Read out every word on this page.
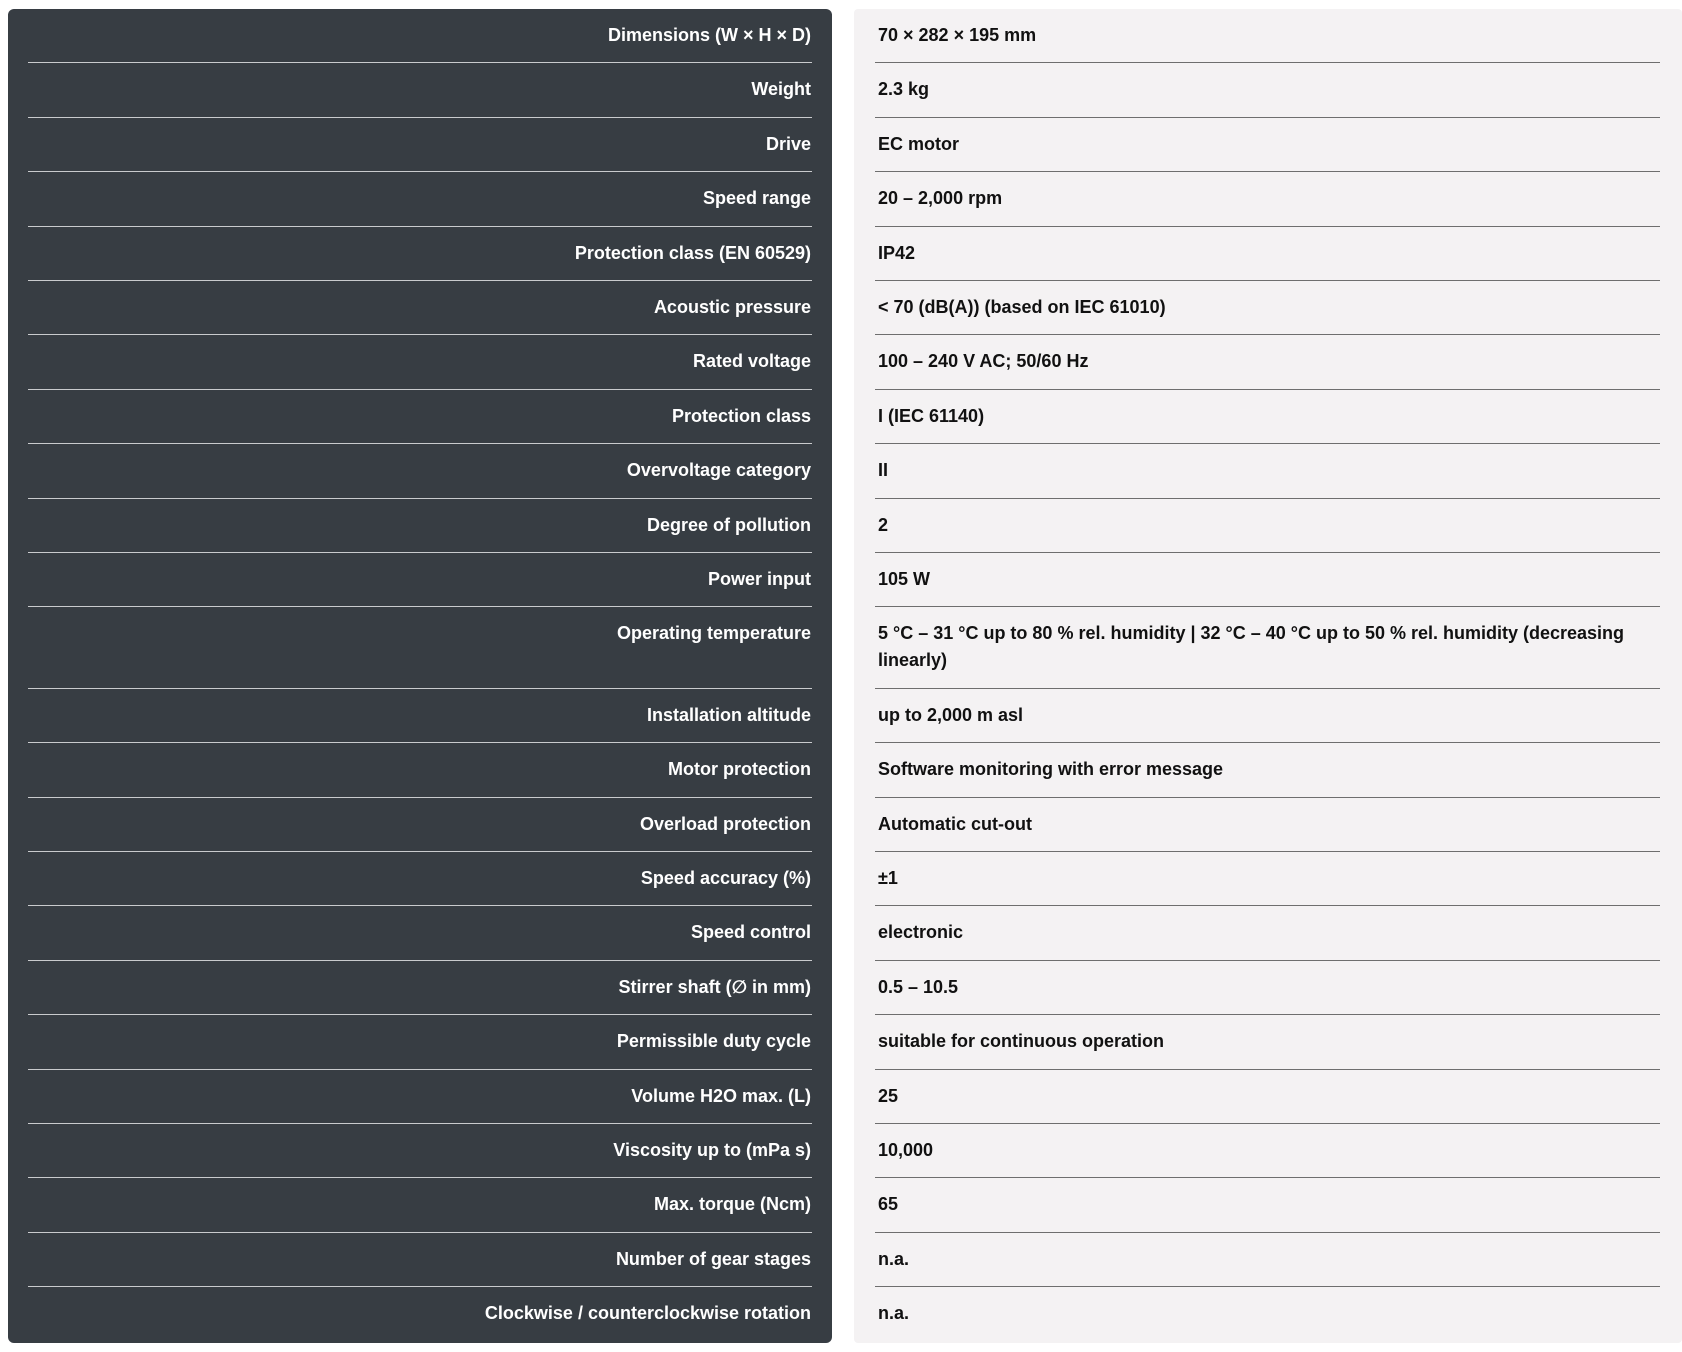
Dimensions (W × H × D)
Weight
Drive
Speed range
Protection class (EN 60529)
Acoustic pressure
Rated voltage
Protection class
Overvoltage category
Degree of pollution
Power input
Operating temperature
Installation altitude
Motor protection
Overload protection
Speed accuracy (%)
Speed control
Stirrer shaft (∅ in mm)
Permissible duty cycle
Volume H2O max. (L)
Viscosity up to (mPa s)
Max. torque (Ncm)
Number of gear stages
Clockwise / counterclockwise rotation
70 × 282 × 195 mm
2.3 kg
EC motor
20 – 2,000 rpm
IP42
< 70 (dB(A)) (based on IEC 61010)
100 – 240 V AC; 50/60 Hz
I (IEC 61140)
II
2
105 W
5 °C – 31 °C up to 80 % rel. humidity | 32 °C – 40 °C up to 50 % rel. humidity (decreasing linearly)
up to 2,000 m asl
Software monitoring with error message
Automatic cut-out
±1
electronic
0.5 – 10.5
suitable for continuous operation
25
10,000
65
n.a.
n.a.
